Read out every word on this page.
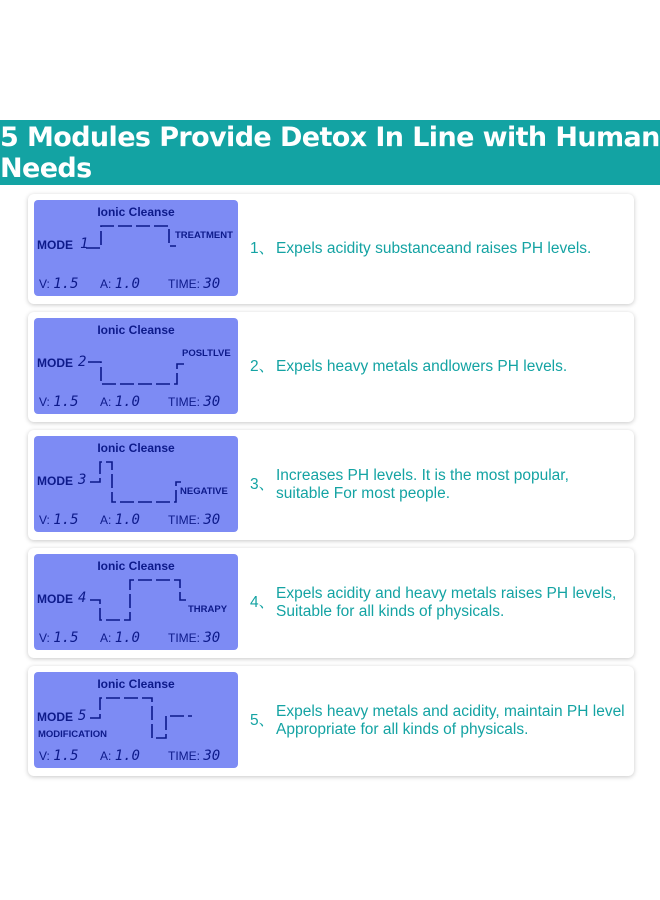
5 Modules Provide Detox In Line with Human Needs
Ionic Cleanse
MODE 1
TREATMENT
V: 1.5 A: 1.0 TIME: 30
1、 Expels acidity substanceand raises PH levels.
Ionic Cleanse
MODE 2
POSLTLVE
V: 1.5 A: 1.0 TIME: 30
2、 Expels heavy metals andlowers PH levels.
Ionic Cleanse
MODE 3
NEGATIVE
V: 1.5 A: 1.0 TIME: 30
3、
Increases PH levels. It is the most popular, suitable For most people.
Ionic Cleanse
MODE 4
THRAPY
V: 1.5 A: 1.0 TIME: 30
4、
Expels acidity and heavy metals raises PH levels, Suitable for all kinds of physicals.
Ionic Cleanse
MODE 5
MODIFICATION
V: 1.5 A: 1.0 TIME: 30
5、
Expels heavy metals and acidity, maintain PH level Appropriate for all kinds of physicals.
